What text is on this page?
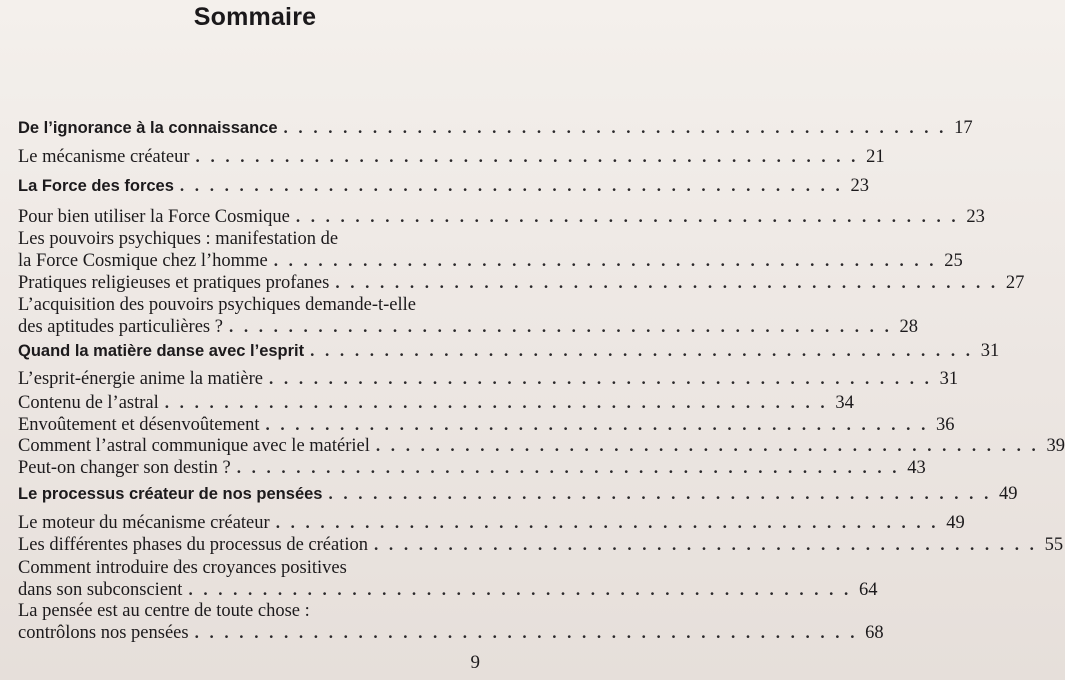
Sommaire
De l’ignorance à la connaissance . . . . . . . . . . . . . . . . . . . . . . . . . . . . . . . . . . . . . . . . . . . . . 17
Le mécanisme créateur . . . . . . . . . . . . . . . . . . . . . . . . . . . . . . . . . . . . . . . . . . . . . 21
La Force des forces . . . . . . . . . . . . . . . . . . . . . . . . . . . . . . . . . . . . . . . . . . . . . 23
Pour bien utiliser la Force Cosmique . . . . . . . . . . . . . . . . . . . . . . . . . . . . . . . . . . . . . . . . . . . . . 23
Les pouvoirs psychiques : manifestation de
la Force Cosmique chez l’homme . . . . . . . . . . . . . . . . . . . . . . . . . . . . . . . . . . . . . . . . . . . . . 25
Pratiques religieuses et pratiques profanes . . . . . . . . . . . . . . . . . . . . . . . . . . . . . . . . . . . . . . . . . . . . . 27
L’acquisition des pouvoirs psychiques demande-t-elle
des aptitudes particulières ? . . . . . . . . . . . . . . . . . . . . . . . . . . . . . . . . . . . . . . . . . . . . . 28
Quand la matière danse avec l’esprit . . . . . . . . . . . . . . . . . . . . . . . . . . . . . . . . . . . . . . . . . . . . . 31
L’esprit-énergie anime la matière . . . . . . . . . . . . . . . . . . . . . . . . . . . . . . . . . . . . . . . . . . . . . 31
Contenu de l’astral . . . . . . . . . . . . . . . . . . . . . . . . . . . . . . . . . . . . . . . . . . . . . 34
Envoûtement et désenvoûtement . . . . . . . . . . . . . . . . . . . . . . . . . . . . . . . . . . . . . . . . . . . . . 36
Comment l’astral communique avec le matériel . . . . . . . . . . . . . . . . . . . . . . . . . . . . . . . . . . . . . . . . . . . . . 39
Peut-on changer son destin ? . . . . . . . . . . . . . . . . . . . . . . . . . . . . . . . . . . . . . . . . . . . . . 43
Le processus créateur de nos pensées . . . . . . . . . . . . . . . . . . . . . . . . . . . . . . . . . . . . . . . . . . . . . 49
Le moteur du mécanisme créateur . . . . . . . . . . . . . . . . . . . . . . . . . . . . . . . . . . . . . . . . . . . . . 49
Les différentes phases du processus de création . . . . . . . . . . . . . . . . . . . . . . . . . . . . . . . . . . . . . . . . . . . . . 55
Comment introduire des croyances positives
dans son subconscient . . . . . . . . . . . . . . . . . . . . . . . . . . . . . . . . . . . . . . . . . . . . . 64
La pensée est au centre de toute chose :
contrôlons nos pensées . . . . . . . . . . . . . . . . . . . . . . . . . . . . . . . . . . . . . . . . . . . . . 68
9
